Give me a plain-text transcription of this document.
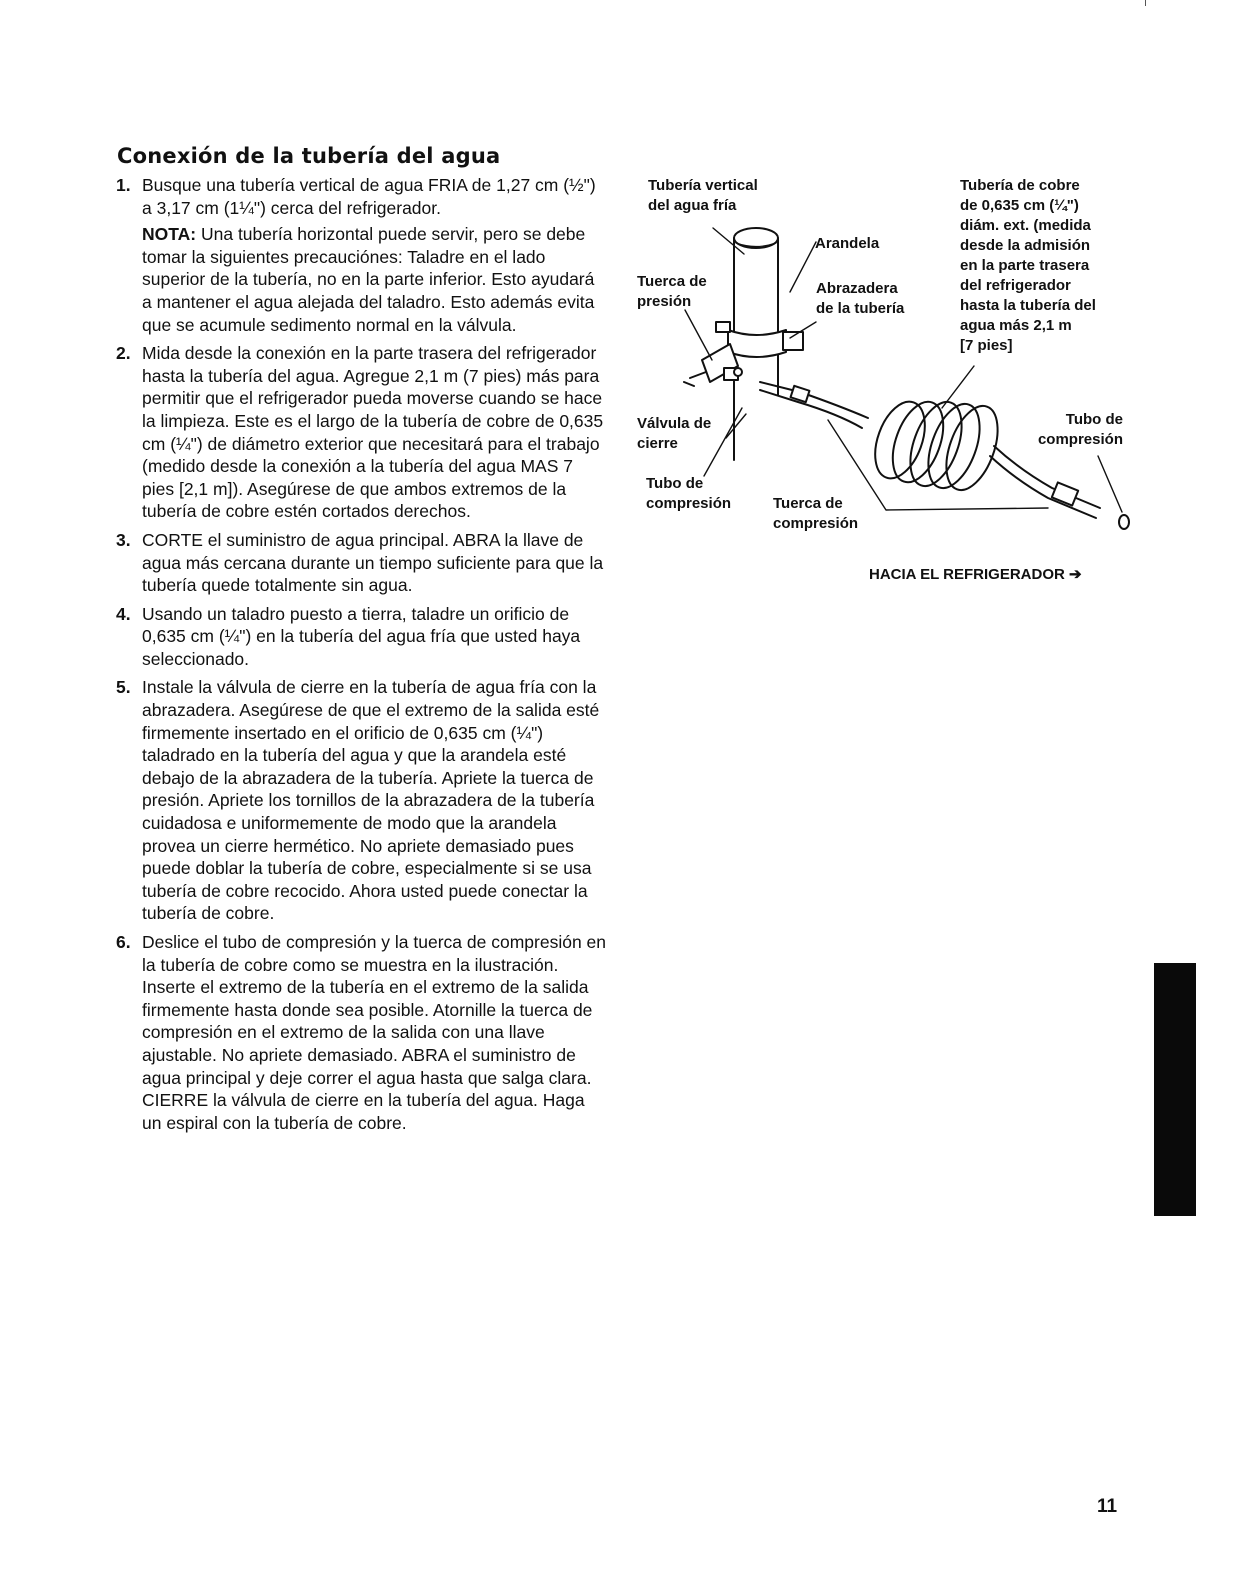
Conexión de la tubería del agua
1. Busque una tubería vertical de agua FRIA de 1,27 cm (½") a 3,17 cm (1¼") cerca del refrigerador.
NOTA: Una tubería horizontal puede servir, pero se debe tomar la siguientes precauciónes: Taladre en el lado superior de la tubería, no en la parte inferior. Esto ayudará a mantener el agua alejada del taladro. Esto además evita que se acumule sedimento normal en la válvula.
2. Mida desde la conexión en la parte trasera del refrigerador hasta la tubería del agua. Agregue 2,1 m (7 pies) más para permitir que el refrigerador pueda moverse cuando se hace la limpieza. Este es el largo de la tubería de cobre de 0,635 cm (¼") de diámetro exterior que necesitará para el trabajo (medido desde la conexión a la tubería del agua MAS 7 pies [2,1 m]). Asegúrese de que ambos extremos de la tubería de cobre estén cortados derechos.
3. CORTE el suministro de agua principal. ABRA la llave de agua más cercana durante un tiempo suficiente para que la tubería quede totalmente sin agua.
4. Usando un taladro puesto a tierra, taladre un orificio de 0,635 cm (¼") en la tubería del agua fría que usted haya seleccionado.
5. Instale la válvula de cierre en la tubería de agua fría con la abrazadera. Asegúrese de que el extremo de la salida esté firmemente insertado en el orificio de 0,635 cm (¼") taladrado en la tubería del agua y que la arandela esté debajo de la abrazadera de la tubería. Apriete la tuerca de presión. Apriete los tornillos de la abrazadera de la tubería cuidadosa e uniformemente de modo que la arandela provea un cierre hermético. No apriete demasiado pues puede doblar la tubería de cobre, especialmente si se usa tubería de cobre recocido. Ahora usted puede conectar la tubería de cobre.
6. Deslice el tubo de compresión y la tuerca de compresión en la tubería de cobre como se muestra en la ilustración. Inserte el extremo de la tubería en el extremo de la salida firmemente hasta donde sea posible. Atornille la tuerca de compresión en el extremo de la salida con una llave ajustable. No apriete demasiado. ABRA el suministro de agua principal y deje correr el agua hasta que salga clara. CIERRE la válvula de cierre en la tubería del agua. Haga un espiral con la tubería de cobre.

Tubería vertical
del agua fría

Arandela

Tuerca de
presión

Abrazadera
de la tubería

Tubería de cobre
de 0,635 cm (¼")
diám. ext. (medida
desde la admisión
en la parte trasera
del refrigerador
hasta la tubería del
agua más 2,1 m
[7 pies]

Válvula de
cierre

Tubo de
compresión

Tubo de
compresión	Tuerca de
compresión

HACIA EL REFRIGERADOR ➔
11
